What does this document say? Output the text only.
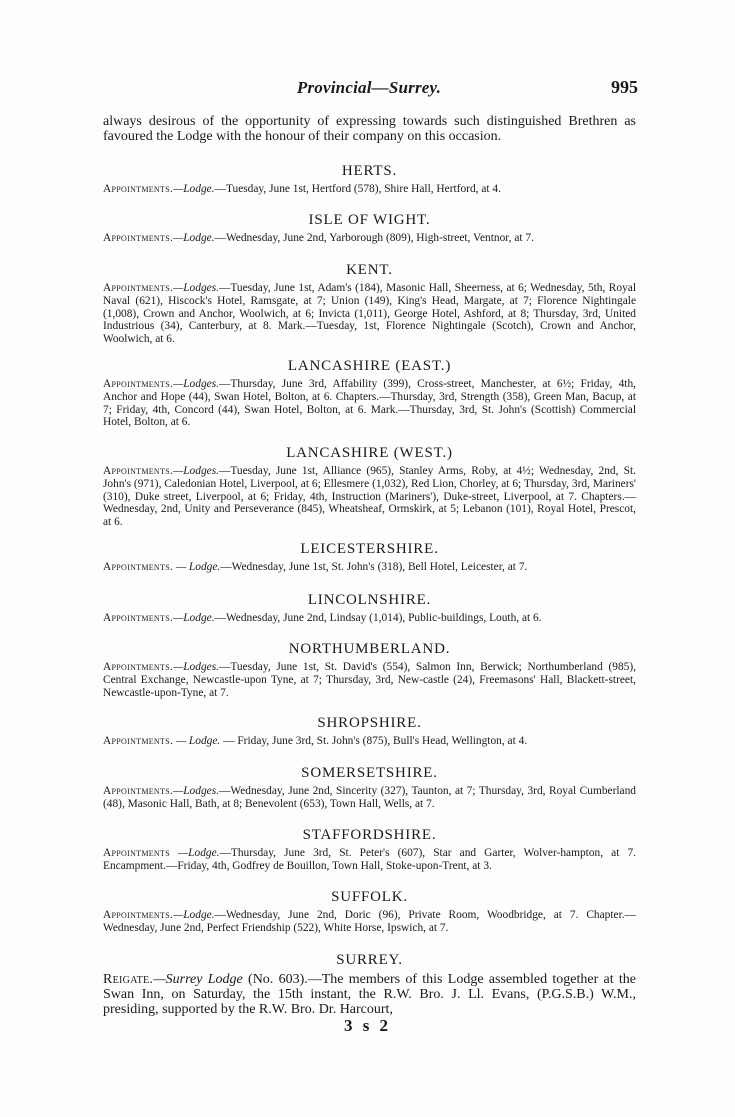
Provincial—Surrey.	995
always desirous of the opportunity of expressing towards such distinguished Brethren as favoured the Lodge with the honour of their company on this occasion.
HERTS.
Appointments.—Lodge.—Tuesday, June 1st, Hertford (578), Shire Hall, Hertford, at 4.
ISLE OF WIGHT.
Appointments.—Lodge.—Wednesday, June 2nd, Yarborough (809), High-street, Ventnor, at 7.
KENT.
Appointments.—Lodges.—Tuesday, June 1st, Adam's (184), Masonic Hall, Sheerness, at 6; Wednesday, 5th, Royal Naval (621), Hiscock's Hotel, Ramsgate, at 7; Union (149), King's Head, Margate, at 7; Florence Nightingale (1,008), Crown and Anchor, Woolwich, at 6; Invicta (1,011), George Hotel, Ashford, at 8; Thursday, 3rd, United Industrious (34), Canterbury, at 8. Mark.—Tuesday, 1st, Florence Nightingale (Scotch), Crown and Anchor, Woolwich, at 6.
LANCASHIRE (EAST.)
Appointments.—Lodges.—Thursday, June 3rd, Affability (399), Cross-street, Manchester, at 6½; Friday, 4th, Anchor and Hope (44), Swan Hotel, Bolton, at 6. Chapters.—Thursday, 3rd, Strength (358), Green Man, Bacup, at 7; Friday, 4th, Concord (44), Swan Hotel, Bolton, at 6. Mark.—Thursday, 3rd, St. John's (Scottish) Commercial Hotel, Bolton, at 6.
LANCASHIRE (WEST.)
Appointments.—Lodges.—Tuesday, June 1st, Alliance (965), Stanley Arms, Roby, at 4½; Wednesday, 2nd, St. John's (971), Caledonian Hotel, Liverpool, at 6; Ellesmere (1,032), Red Lion, Chorley, at 6; Thursday, 3rd, Mariners' (310), Duke street, Liverpool, at 6; Friday, 4th, Instruction (Mariners'), Duke-street, Liverpool, at 7. Chapters.—Wednesday, 2nd, Unity and Perseverance (845), Wheatsheaf, Ormskirk, at 5; Lebanon (101), Royal Hotel, Prescot, at 6.
LEICESTERSHIRE.
Appointments. — Lodge.—Wednesday, June 1st, St. John's (318), Bell Hotel, Leicester, at 7.
LINCOLNSHIRE.
Appointments.—Lodge.—Wednesday, June 2nd, Lindsay (1,014), Public-buildings, Louth, at 6.
NORTHUMBERLAND.
Appointments.—Lodges.—Tuesday, June 1st, St. David's (554), Salmon Inn, Berwick; Northumberland (985), Central Exchange, Newcastle-upon Tyne, at 7; Thursday, 3rd, New-castle (24), Freemasons' Hall, Blackett-street, Newcastle-upon-Tyne, at 7.
SHROPSHIRE.
Appointments. — Lodge. — Friday, June 3rd, St. John's (875), Bull's Head, Wellington, at 4.
SOMERSETSHIRE.
Appointments.—Lodges.—Wednesday, June 2nd, Sincerity (327), Taunton, at 7; Thursday, 3rd, Royal Cumberland (48), Masonic Hall, Bath, at 8; Benevolent (653), Town Hall, Wells, at 7.
STAFFORDSHIRE.
Appointments —Lodge.—Thursday, June 3rd, St. Peter's (607), Star and Garter, Wolver-hampton, at 7. Encampment.—Friday, 4th, Godfrey de Bouillon, Town Hall, Stoke-upon-Trent, at 3.
SUFFOLK.
Appointments.—Lodge.—Wednesday, June 2nd, Doric (96), Private Room, Woodbridge, at 7. Chapter.—Wednesday, June 2nd, Perfect Friendship (522), White Horse, Ipswich, at 7.
SURREY.
Reigate.—Surrey Lodge (No. 603).—The members of this Lodge assembled together at the Swan Inn, on Saturday, the 15th instant, the R.W. Bro. J. Ll. Evans, (P.G.S.B.) W.M., presiding, supported by the R.W. Bro. Dr. Harcourt,
3 s 2
